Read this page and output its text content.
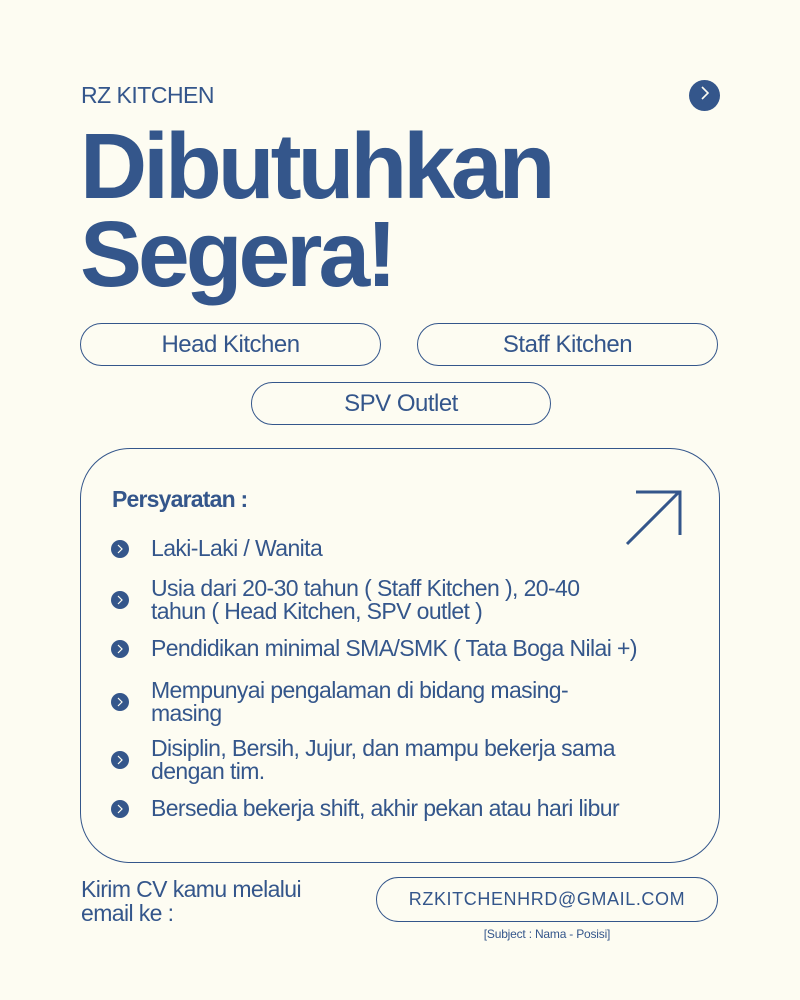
RZ KITCHEN
Dibutuhkan
Segera!
Head Kitchen	Staff Kitchen
SPV Outlet
Persyaratan :
Laki-Laki / Wanita
Usia dari 20-30 tahun ( Staff Kitchen ), 20-40 tahun ( Head Kitchen, SPV outlet )
Pendidikan minimal SMA/SMK ( Tata Boga Nilai +)
Mempunyai pengalaman di bidang masing-masing
Disiplin, Bersih, Jujur, dan mampu bekerja sama dengan tim.
Bersedia bekerja shift, akhir pekan atau hari libur
Kirim CV kamu melalui email ke :
RZKITCHENHRD@GMAIL.COM
[Subject : Nama - Posisi]
